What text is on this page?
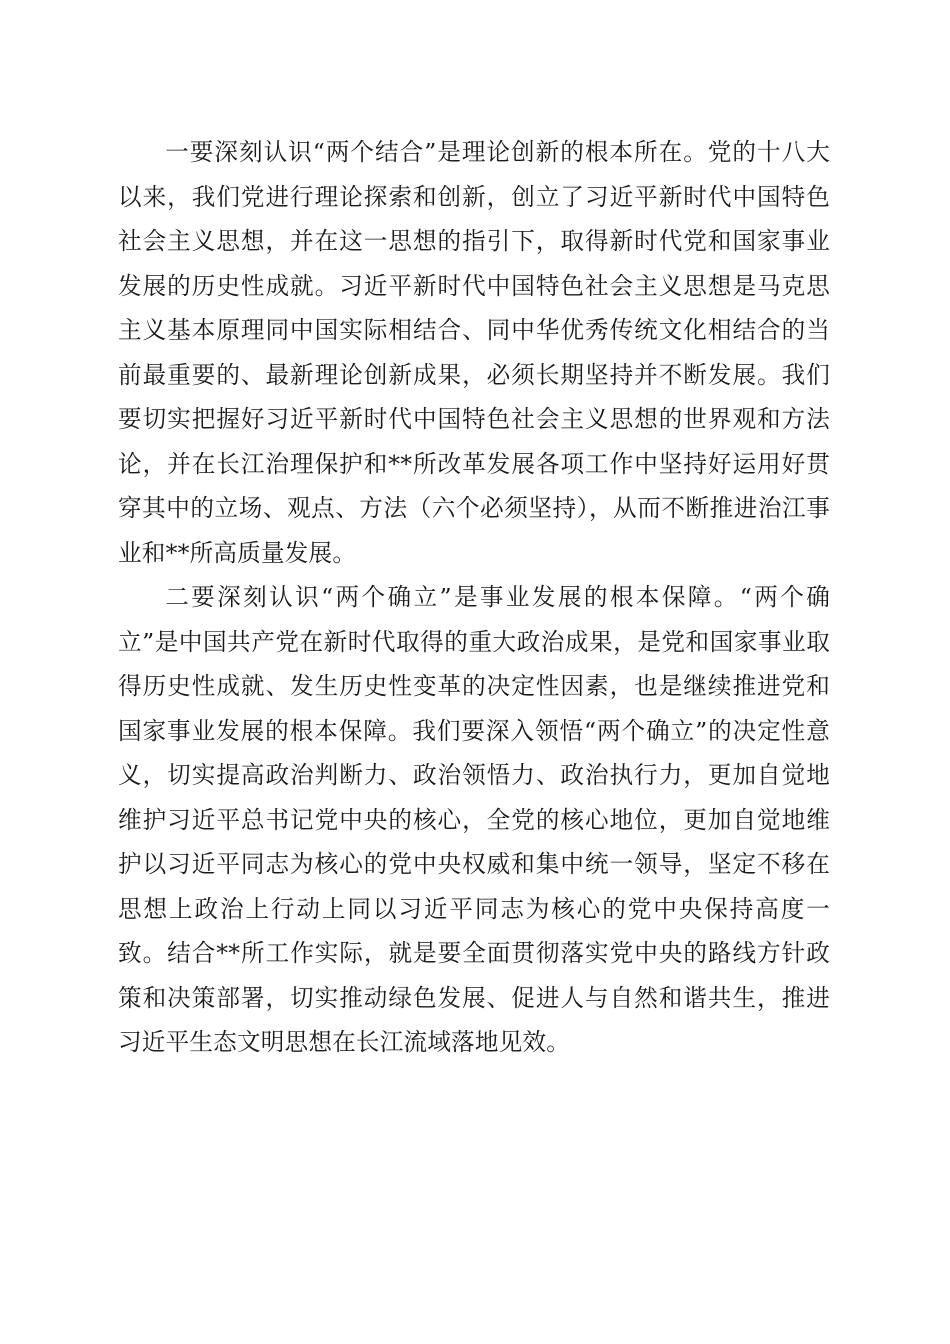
一要深刻认识“两个结合”是理论创新的根本所在。党的十八大以来，我们党进行理论探索和创新，创立了习近平新时代中国特色社会主义思想，并在这一思想的指引下，取得新时代党和国家事业发展的历史性成就。习近平新时代中国特色社会主义思想是马克思主义基本原理同中国实际相结合、同中华优秀传统文化相结合的当前最重要的、最新理论创新成果，必须长期坚持并不断发展。我们要切实把握好习近平新时代中国特色社会主义思想的世界观和方法论，并在长江治理保护和**所改革发展各项工作中坚持好运用好贯穿其中的立场、观点、方法（六个必须坚持），从而不断推进治江事业和**所高质量发展。

二要深刻认识“两个确立”是事业发展的根本保障。“两个确立”是中国共产党在新时代取得的重大政治成果，是党和国家事业取得历史性成就、发生历史性变革的决定性因素，也是继续推进党和国家事业发展的根本保障。我们要深入领悟“两个确立”的决定性意义，切实提高政治判断力、政治领悟力、政治执行力，更加自觉地维护习近平总书记党中央的核心，全党的核心地位，更加自觉地维护以习近平同志为核心的党中央权威和集中统一领导，坚定不移在思想上政治上行动上同以习近平同志为核心的党中央保持高度一致。结合**所工作实际，就是要全面贯彻落实党中央的路线方针政策和决策部署，切实推动绿色发展、促进人与自然和谐共生，推进习近平生态文明思想在长江流域落地见效。
